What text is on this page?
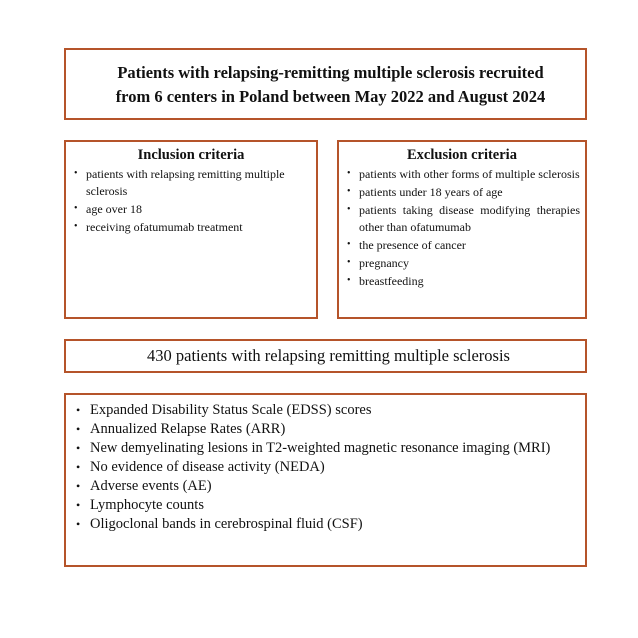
Patients with relapsing-remitting multiple sclerosis recruited
from 6 centers in Poland between May 2022 and August 2024
Inclusion criteria
• patients with relapsing remitting multiple sclerosis
• age over 18
• receiving ofatumumab treatment
Exclusion criteria
• patients with other forms of multiple sclerosis
• patients under 18 years of age
• patients taking disease modifying therapies other than ofatumumab
• the presence of cancer
• pregnancy
• breastfeeding
430 patients with relapsing remitting multiple sclerosis
• Expanded Disability Status Scale (EDSS) scores
• Annualized Relapse Rates (ARR)
• New demyelinating lesions in T2-weighted magnetic resonance imaging (MRI)
• No evidence of disease activity (NEDA)
• Adverse events (AE)
• Lymphocyte counts
• Oligoclonal bands in cerebrospinal fluid (CSF)
